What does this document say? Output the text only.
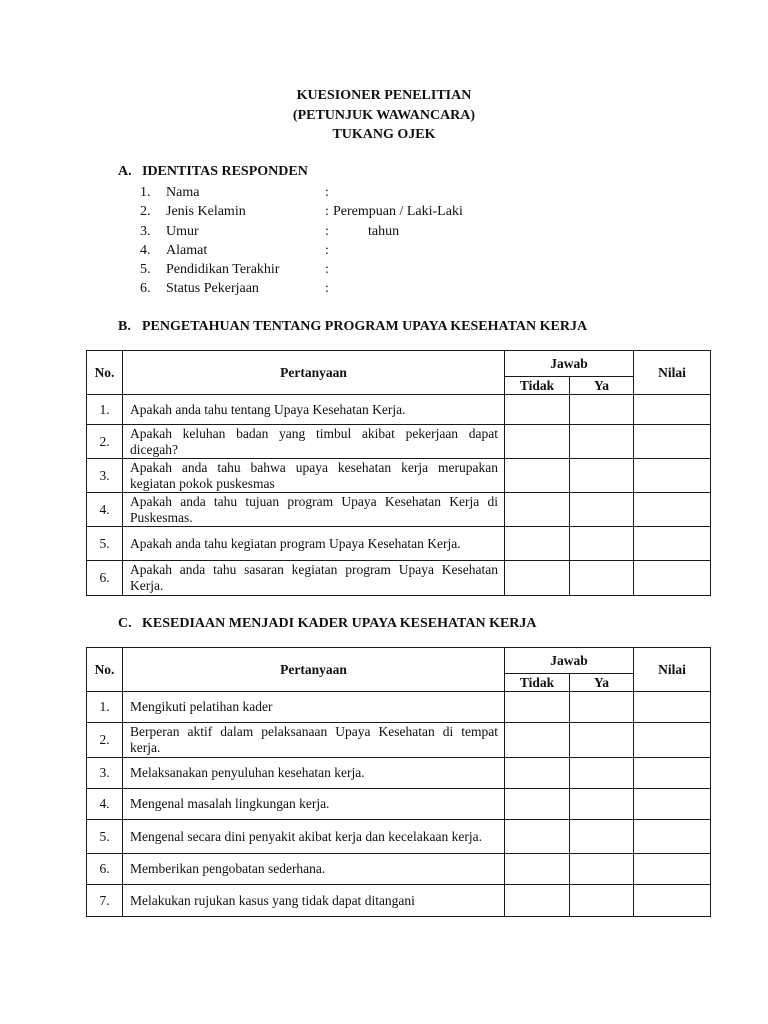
KUESIONER PENELITIAN
(PETUNJUK WAWANCARA)
TUKANG OJEK
A. IDENTITAS RESPONDEN
1. Nama	:
2. Jenis Kelamin	: Perempuan / Laki-Laki
3. Umur	:	tahun
4. Alamat	:
5. Pendidikan Terakhir	:
6. Status Pekerjaan	:
B. PENGETAHUAN TENTANG PROGRAM UPAYA KESEHATAN KERJA
No.	Pertanyaan	Jawab		Nilai
		Tidak	Ya	
1.	Apakah anda tahu tentang Upaya Kesehatan Kerja.			
2.	Apakah keluhan badan yang timbul akibat pekerjaan dapat dicegah?			
3.	Apakah anda tahu bahwa upaya kesehatan kerja merupakan kegiatan pokok puskesmas			
4.	Apakah anda tahu tujuan program Upaya Kesehatan Kerja di Puskesmas.			
5.	Apakah anda tahu kegiatan program Upaya Kesehatan Kerja.			
6.	Apakah anda tahu sasaran kegiatan program Upaya Kesehatan Kerja.			
C. KESEDIAAN MENJADI KADER UPAYA KESEHATAN KERJA
No.	Pertanyaan	Jawab		Nilai
		Tidak	Ya	
1.	Mengikuti pelatihan kader			
2.	Berperan aktif dalam pelaksanaan Upaya Kesehatan di tempat kerja.			
3.	Melaksanakan penyuluhan kesehatan kerja.			
4.	Mengenal masalah lingkungan kerja.			
5.	Mengenal secara dini penyakit akibat kerja dan kecelakaan kerja.			
6.	Memberikan pengobatan sederhana.			
7.	Melakukan rujukan kasus yang tidak dapat ditangani			
